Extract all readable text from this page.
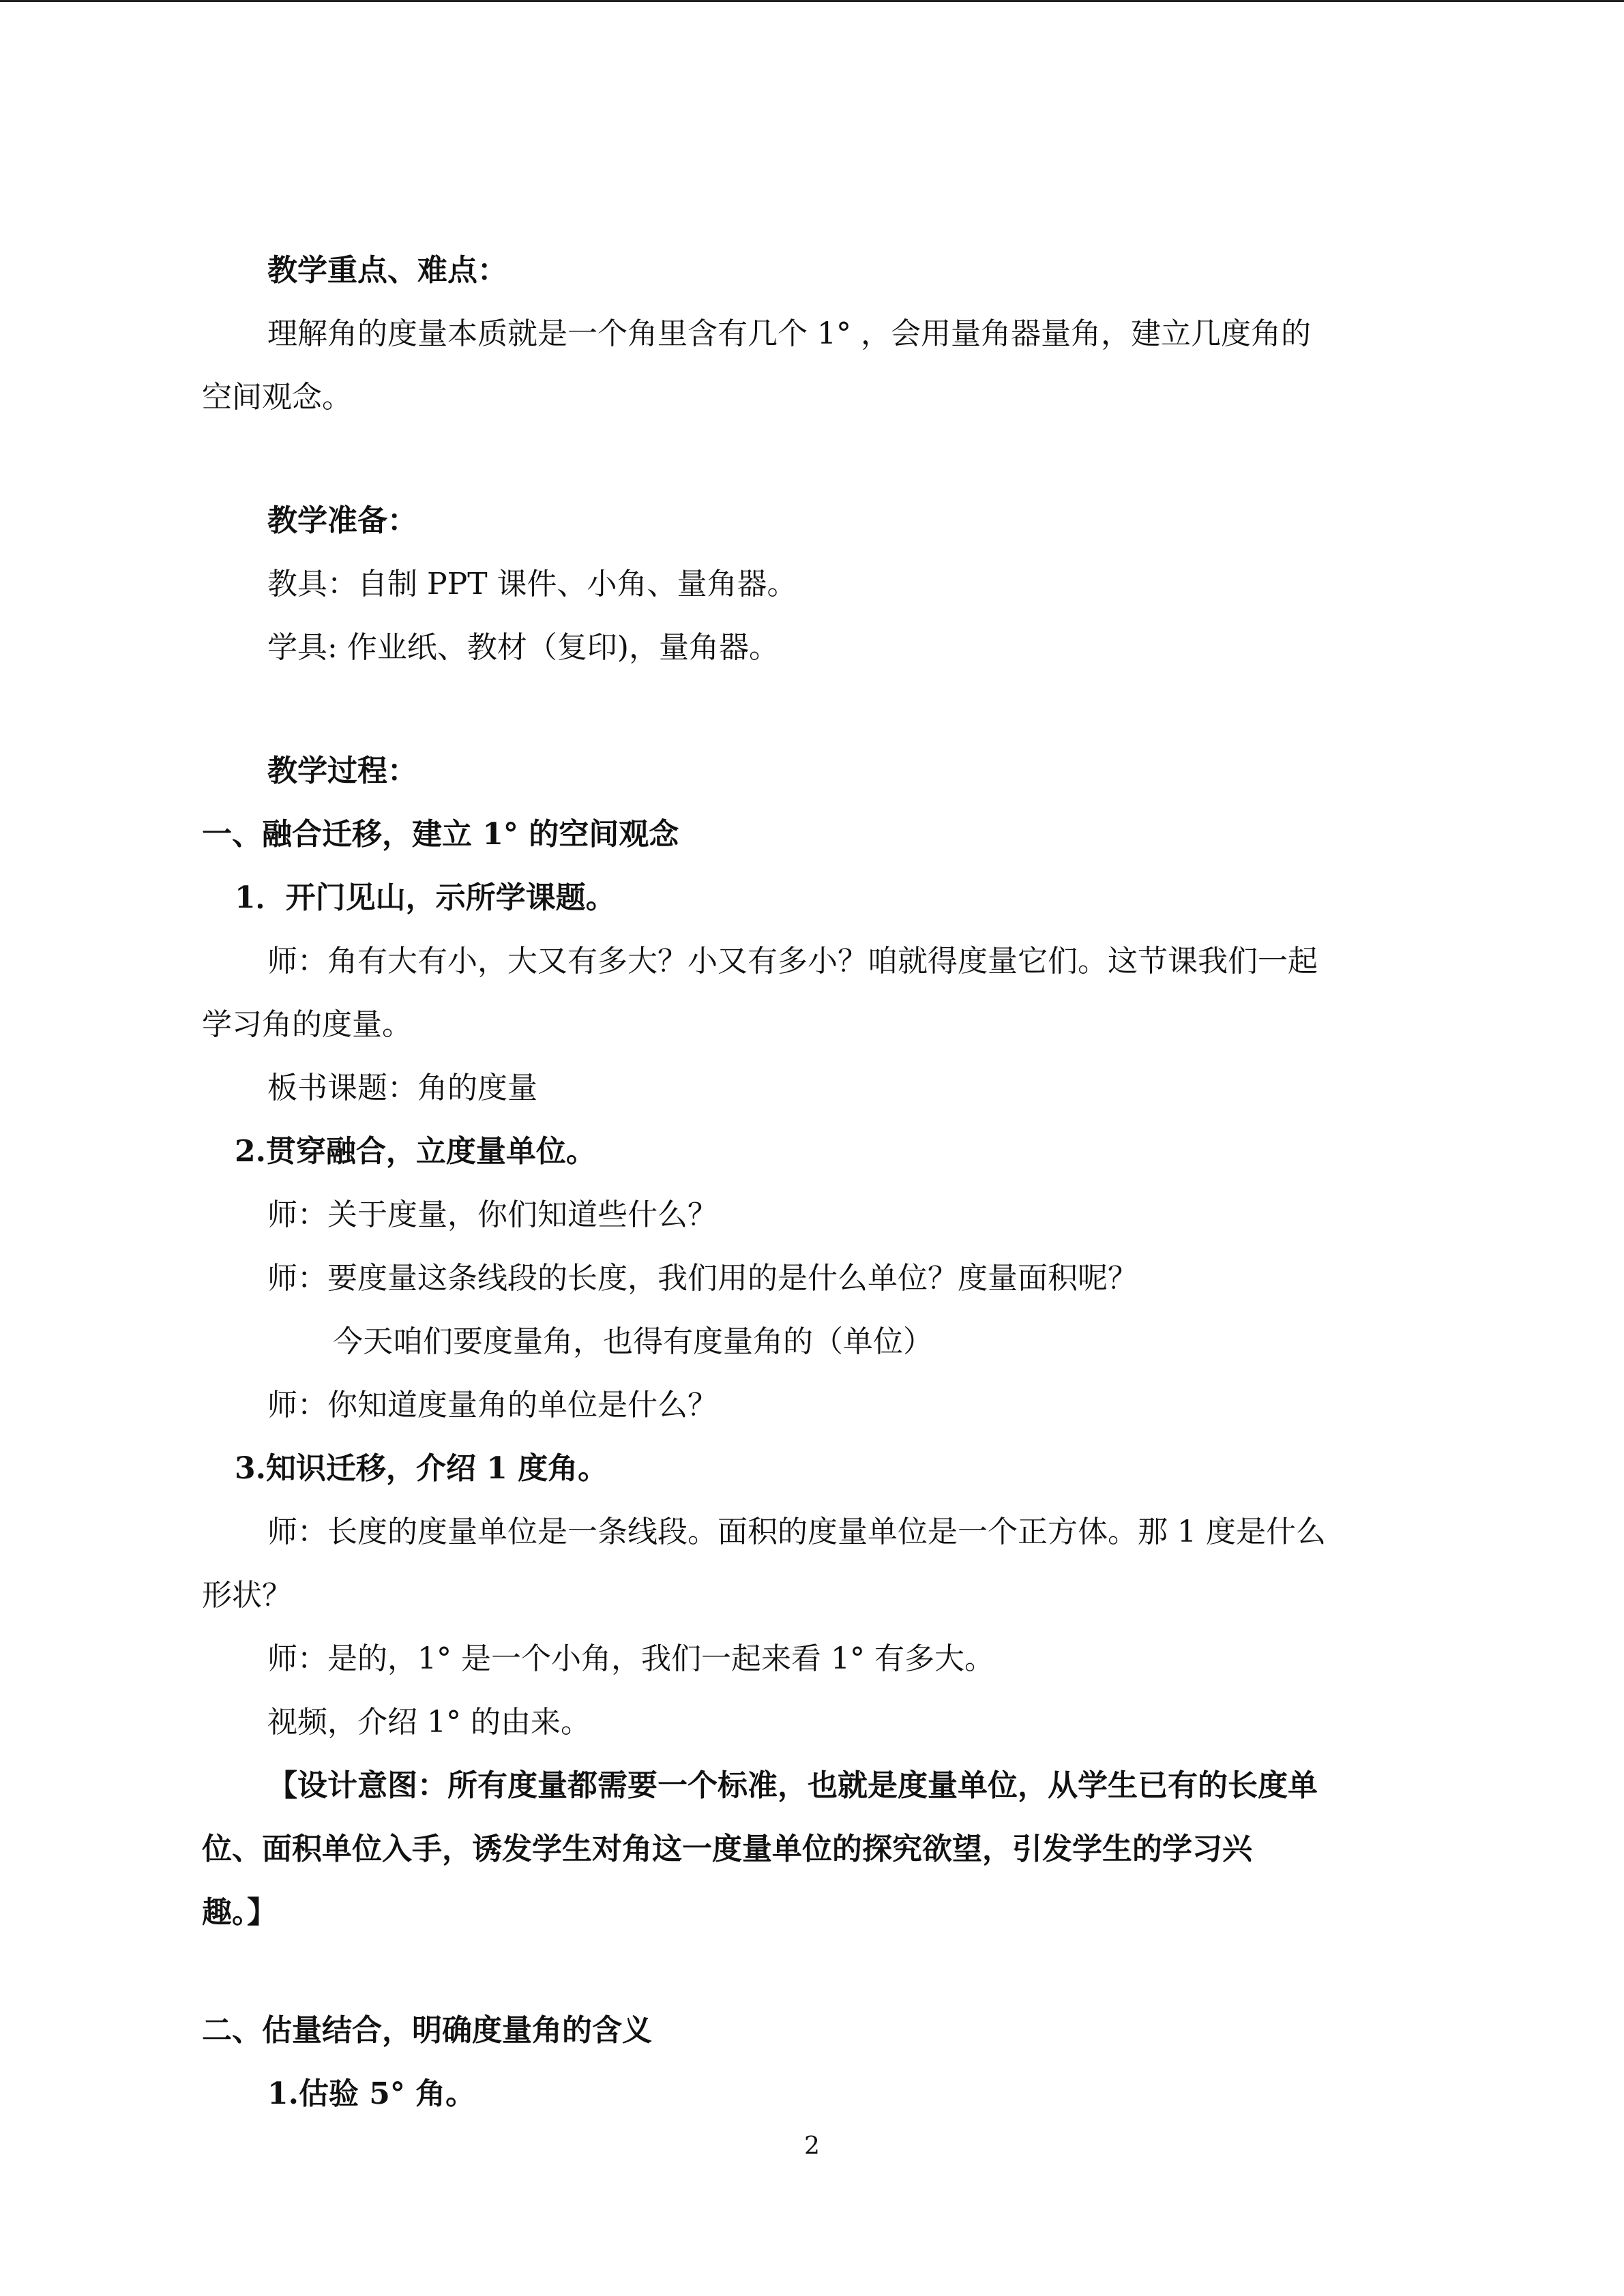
教学重点、难点：
理解角的度量本质就是一个角里含有几个 1° ，会用量角器量角，建立几度角的
空间观念。
教学准备：
教具：自制 PPT 课件、小角、量角器。
学具: 作业纸、教材（复印)，量角器。
教学过程：
一、融合迁移，建立 1° 的空间观念
1．开门见山，示所学课题。
师：角有大有小，大又有多大？小又有多小？咱就得度量它们。这节课我们一起
学习角的度量。
板书课题：角的度量
2.贯穿融合，立度量单位。
师：关于度量，你们知道些什么？
师：要度量这条线段的长度，我们用的是什么单位？度量面积呢？
今天咱们要度量角，也得有度量角的（单位）
师：你知道度量角的单位是什么？
3.知识迁移，介绍 1 度角。
师：长度的度量单位是一条线段。面积的度量单位是一个正方体。那 1 度是什么
形状？
师：是的，1° 是一个小角，我们一起来看 1° 有多大。
视频，介绍 1° 的由来。
【设计意图：所有度量都需要一个标准，也就是度量单位，从学生已有的长度单
位、面积单位入手，诱发学生对角这一度量单位的探究欲望，引发学生的学习兴
趣。】
二、估量结合，明确度量角的含义
1.估验 5° 角。
2
